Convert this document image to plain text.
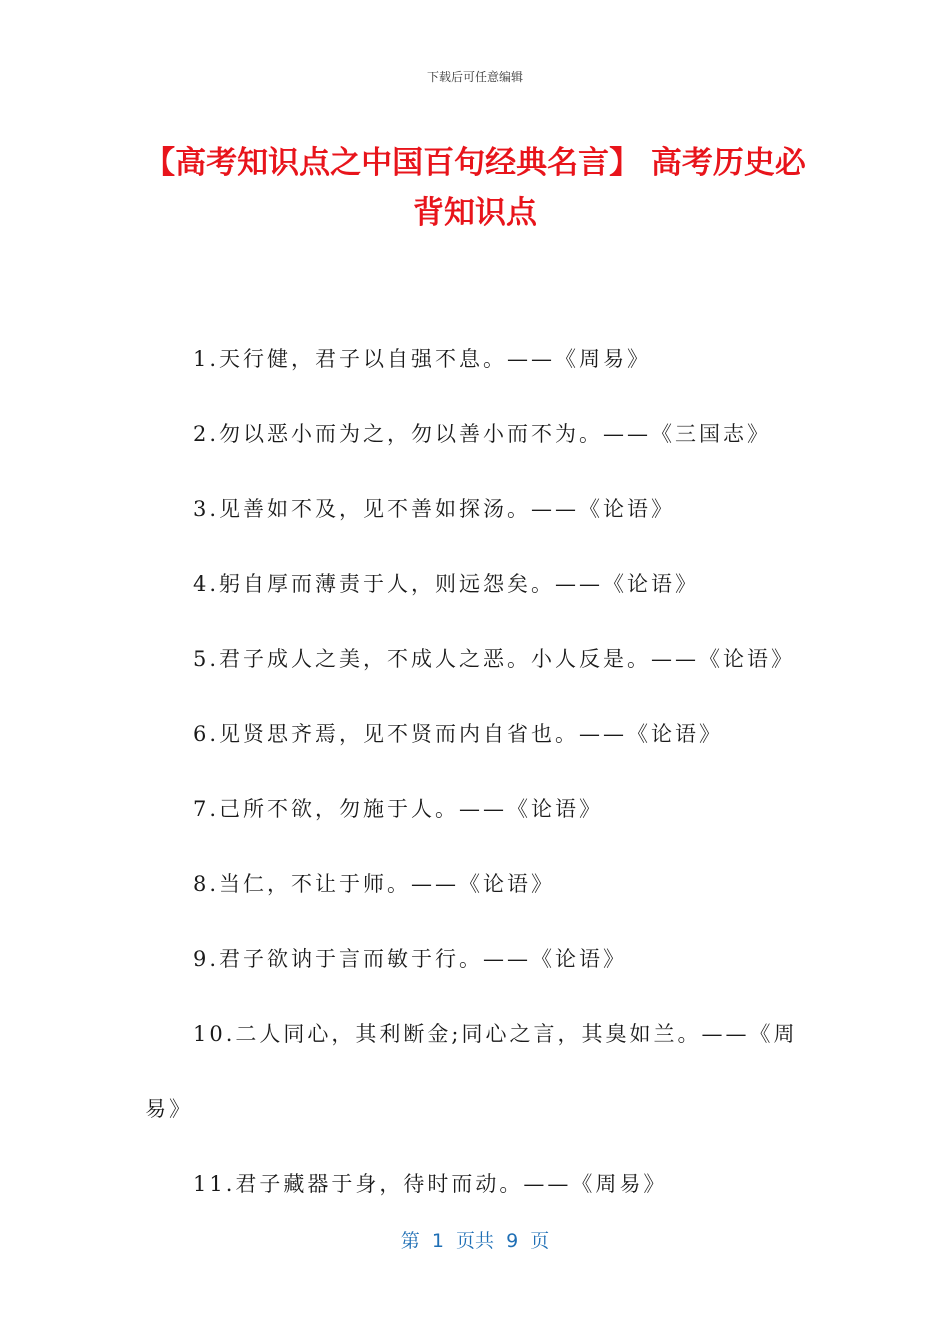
下载后可任意编辑
【高考知识点之中国百句经典名言】 高考历史必背知识点

1.天行健，君子以自强不息。——《周易》

2.勿以恶小而为之，勿以善小而不为。——《三国志》

3.见善如不及，见不善如探汤。——《论语》

4.躬自厚而薄责于人，则远怨矣。——《论语》

5.君子成人之美，不成人之恶。小人反是。——《论语》

6.见贤思齐焉，见不贤而内自省也。——《论语》

7.己所不欲，勿施于人。——《论语》

8.当仁，不让于师。——《论语》

9.君子欲讷于言而敏于行。——《论语》

10.二人同心，其利断金;同心之言，其臭如兰。——《周易》

11.君子藏器于身，待时而动。——《周易》

第  1  页共  9  页
